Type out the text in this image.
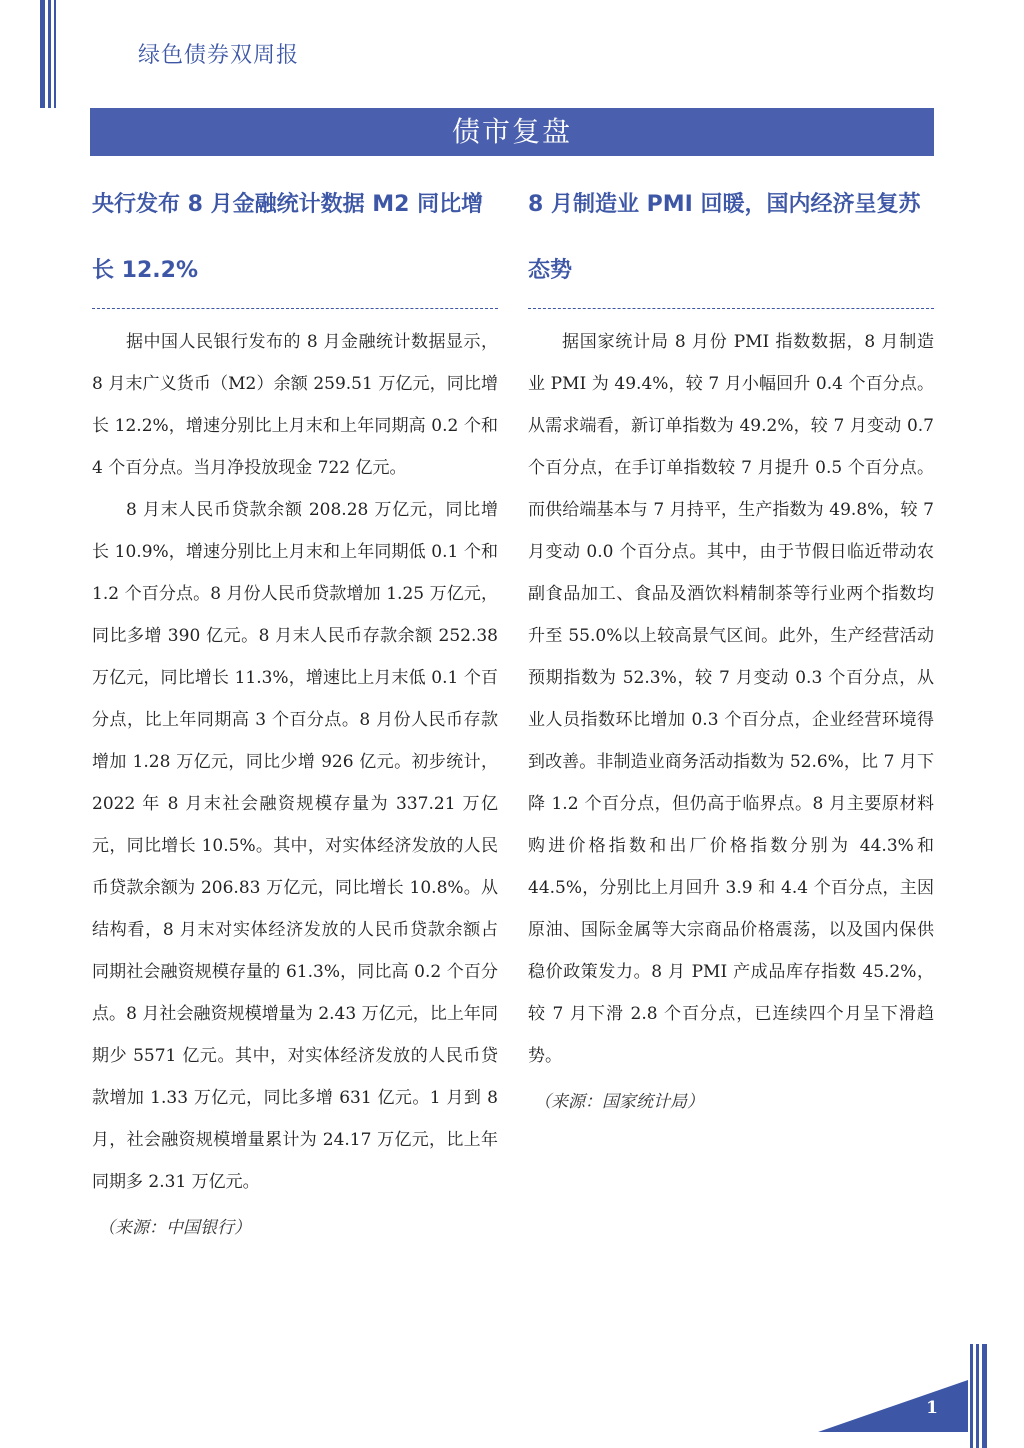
绿色债券双周报
债市复盘
央行发布 8 月金融统计数据 M2 同比增长 12.2%

据中国人民银行发布的 8 月金融统计数据显示，8 月末广义货币（M2）余额 259.51 万亿元，同比增长 12.2%，增速分别比上月末和上年同期高 0.2 个和 4 个百分点。当月净投放现金 722 亿元。

8 月末人民币贷款余额 208.28 万亿元，同比增长 10.9%，增速分别比上月末和上年同期低 0.1 个和 1.2 个百分点。8 月份人民币贷款增加 1.25 万亿元，同比多增 390 亿元。8 月末人民币存款余额 252.38 万亿元，同比增长 11.3%，增速比上月末低 0.1 个百分点，比上年同期高 3 个百分点。8 月份人民币存款增加 1.28 万亿元，同比少增 926 亿元。初步统计，2022 年 8 月末社会融资规模存量为 337.21 万亿元，同比增长 10.5%。其中，对实体经济发放的人民币贷款余额为 206.83 万亿元，同比增长 10.8%。从结构看，8 月末对实体经济发放的人民币贷款余额占同期社会融资规模存量的 61.3%，同比高 0.2 个百分点。8 月社会融资规模增量为 2.43 万亿元，比上年同期少 5571 亿元。其中，对实体经济发放的人民币贷款增加 1.33 万亿元，同比多增 631 亿元。1 月到 8 月，社会融资规模增量累计为 24.17 万亿元，比上年同期多 2.31 万亿元。

（来源：中国银行）

8 月制造业 PMI 回暖，国内经济呈复苏态势

据国家统计局 8 月份 PMI 指数数据，8 月制造业 PMI 为 49.4%，较 7 月小幅回升 0.4 个百分点。从需求端看，新订单指数为 49.2%，较 7 月变动 0.7 个百分点，在手订单指数较 7 月提升 0.5 个百分点。而供给端基本与 7 月持平，生产指数为 49.8%，较 7 月变动 0.0 个百分点。其中，由于节假日临近带动农副食品加工、食品及酒饮料精制茶等行业两个指数均升至 55.0%以上较高景气区间。此外，生产经营活动预期指数为 52.3%，较 7 月变动 0.3 个百分点，从业人员指数环比增加 0.3 个百分点，企业经营环境得到改善。非制造业商务活动指数为 52.6%，比 7 月下降 1.2 个百分点，但仍高于临界点。8 月主要原材料购进价格指数和出厂价格指数分别为 44.3%和 44.5%，分别比上月回升 3.9 和 4.4 个百分点，主因原油、国际金属等大宗商品价格震荡，以及国内保供稳价政策发力。8 月 PMI 产成品库存指数 45.2%，较 7 月下滑 2.8 个百分点，已连续四个月呈下滑趋势。

（来源：国家统计局）

1
